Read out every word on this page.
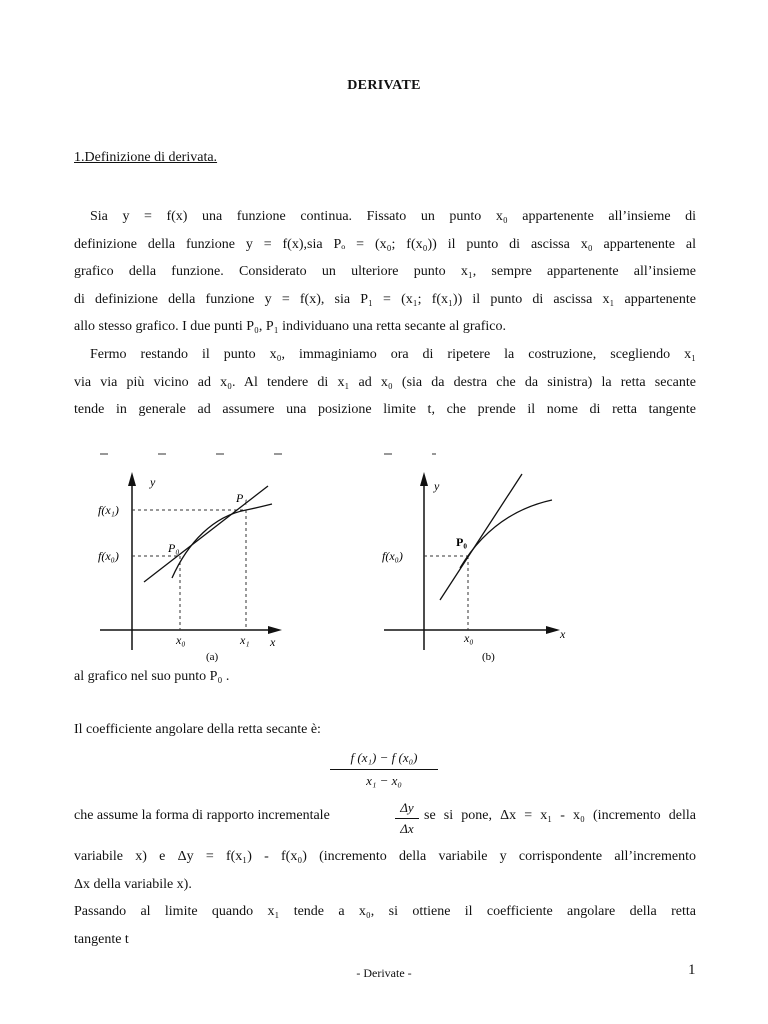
DERIVATE
1.Definizione di derivata.
Sia y = f(x) una funzione continua. Fissato un punto x₀ appartenente all’insieme di
definizione della funzione y = f(x),sia Pₒ = (x₀; f(x₀)) il punto di ascissa x₀ appartenente al
grafico della funzione. Considerato un ulteriore punto x₁, sempre appartenente all’insieme
di definizione della funzione y = f(x), sia P₁ = (x₁; f(x₁)) il punto di ascissa x₁ appartenente
allo stesso grafico. I due punti P₀, P₁ individuano una retta secante al grafico.
Fermo restando il punto x₀, immaginiamo ora di ripetere la costruzione, scegliendo x₁
via via più vicino ad x₀. Al tendere di x₁ ad x₀ (sia da destra che da sinistra) la retta secante
tende in generale ad assumere una posizione limite t, che prende il nome di retta tangente
y
x
f(x₁)
f(x₀)
P₁
P₀
x₀	x₁
(a)
y
x
f(x₀)
P₀
x₀
(b)
al grafico nel suo punto P₀ .
Il coefficiente angolare della retta secante è:
$\frac{\text{f (x₁) − f (x₀)}}{\text{x₁ − x₀}}$
che assume la forma di rapporto incrementale	$\frac{\Delta y}{\Delta x}$ se si pone, Δx = x₁ - x₀ (incremento della
variabile x) e Δy = f(x₁) - f(x₀) (incremento della variabile y corrispondente all’incremento
Δx della variabile x).
Passando al limite quando x₁ tende a x₀, si ottiene il coefficiente angolare della retta
tangente t
- Derivate -	1
